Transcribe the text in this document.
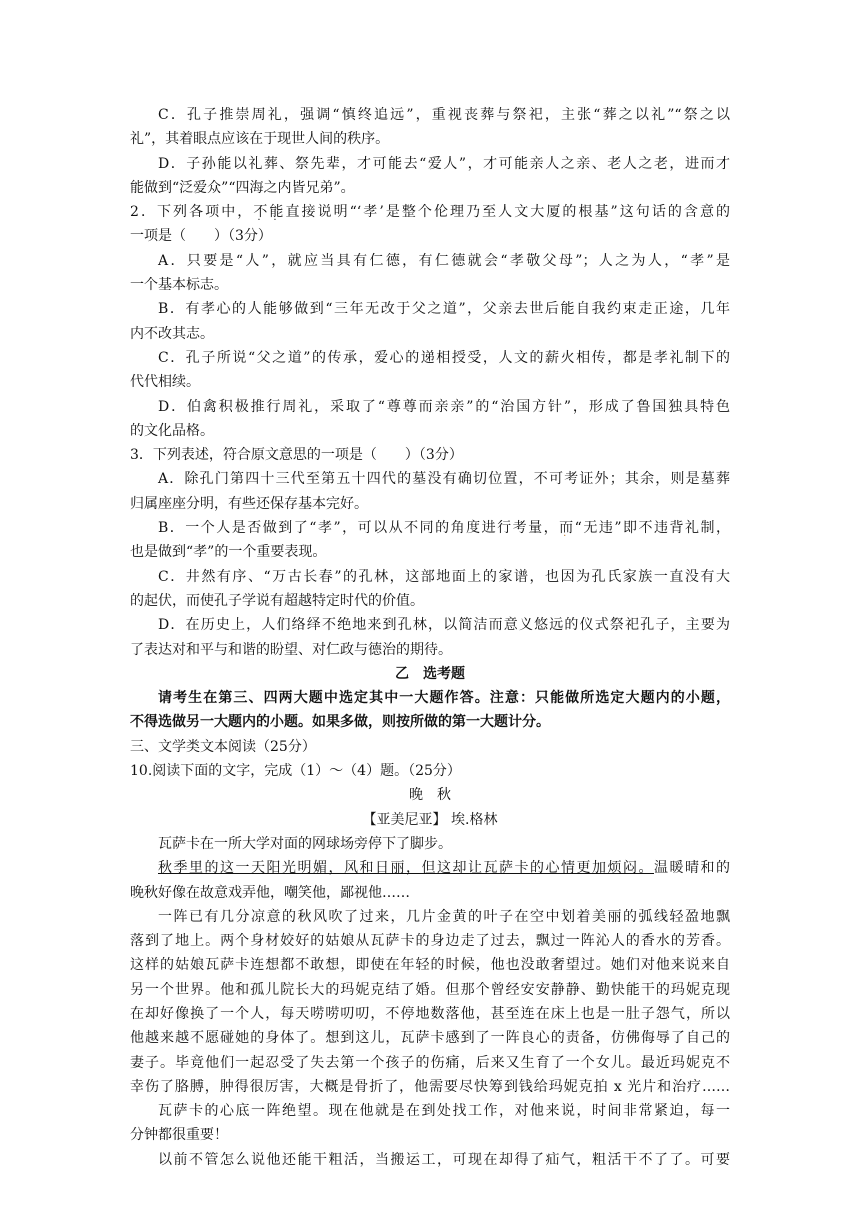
C．孔子推崇周礼，强调“慎终追远”，重视丧葬与祭祀，主张“葬之以礼”“祭之以
礼”，其着眼点应该在于现世人间的秩序。
D．子孙能以礼葬、祭先辈，才可能去“爱人”，才可能亲人之亲、老人之老，进而才
能做到“泛爱众”“四海之内皆兄弟”。
2．下列各项中，不能直接说明“‘孝’是整个伦理乃至人文大厦的根基”这句话的含意的
一项是（　　）（3分）
A．只要是“人”，就应当具有仁德，有仁德就会“孝敬父母”；人之为人，“孝”是
一个基本标志。
B．有孝心的人能够做到“三年无改于父之道”，父亲去世后能自我约束走正途，几年
内不改其志。
C．孔子所说“父之道”的传承，爱心的递相授受，人文的薪火相传，都是孝礼制下的
代代相续。
D．伯禽积极推行周礼，采取了“尊尊而亲亲”的“治国方针”，形成了鲁国独具特色
的文化品格。
3．下列表述，符合原文意思的一项是（　　）（3分）
A．除孔门第四十三代至第五十四代的墓没有确切位置，不可考证外；其余，则是墓葬
归属座座分明，有些还保存基本完好。
B．一个人是否做到了“孝”，可以从不同的角度进行考量，而“无违”即不违背礼制，
也是做到“孝”的一个重要表现。
C．井然有序、“万古长春”的孔林，这部地面上的家谱，也因为孔氏家族一直没有大
的起伏，而使孔子学说有超越特定时代的价值。
D．在历史上，人们络绎不绝地来到孔林，以简洁而意义悠远的仪式祭祀孔子，主要为
了表达对和平与和谐的盼望、对仁政与德治的期待。
乙　选考题
请考生在第三、四两大题中选定其中一大题作答。注意：只能做所选定大题内的小题，
不得选做另一大题内的小题。如果多做，则按所做的第一大题计分。
三、文学类文本阅读（25分）
10.阅读下面的文字，完成（1）～（4）题。（25分）
晚　秋
【亚美尼亚】 埃.格林
瓦萨卡在一所大学对面的网球场旁停下了脚步。
秋季里的这一天阳光明媚，风和日丽，但这却让瓦萨卡的心情更加烦闷。温暖晴和的
晚秋好像在故意戏弄他，嘲笑他，鄙视他……
一阵已有几分凉意的秋风吹了过来，几片金黄的叶子在空中划着美丽的弧线轻盈地飘
落到了地上。两个身材姣好的姑娘从瓦萨卡的身边走了过去，飘过一阵沁人的香水的芳香。
这样的姑娘瓦萨卡连想都不敢想，即使在年轻的时候，他也没敢奢望过。她们对他来说来自
另一个世界。他和孤儿院长大的玛妮克结了婚。但那个曾经安安静静、勤快能干的玛妮克现
在却好像换了一个人，每天唠唠叨叨，不停地数落他，甚至连在床上也是一肚子怨气，所以
他越来越不愿碰她的身体了。想到这儿，瓦萨卡感到了一阵良心的责备，仿佛侮辱了自己的
妻子。毕竟他们一起忍受了失去第一个孩子的伤痛，后来又生育了一个女儿。最近玛妮克不
幸伤了胳膊，肿得很厉害，大概是骨折了，他需要尽快筹到钱给玛妮克拍 x 光片和治疗……
瓦萨卡的心底一阵绝望。现在他就是在到处找工作，对他来说，时间非常紧迫，每一
分钟都很重要！
以前不管怎么说他还能干粗活，当搬运工，可现在却得了疝气，粗活干不了了。可要
